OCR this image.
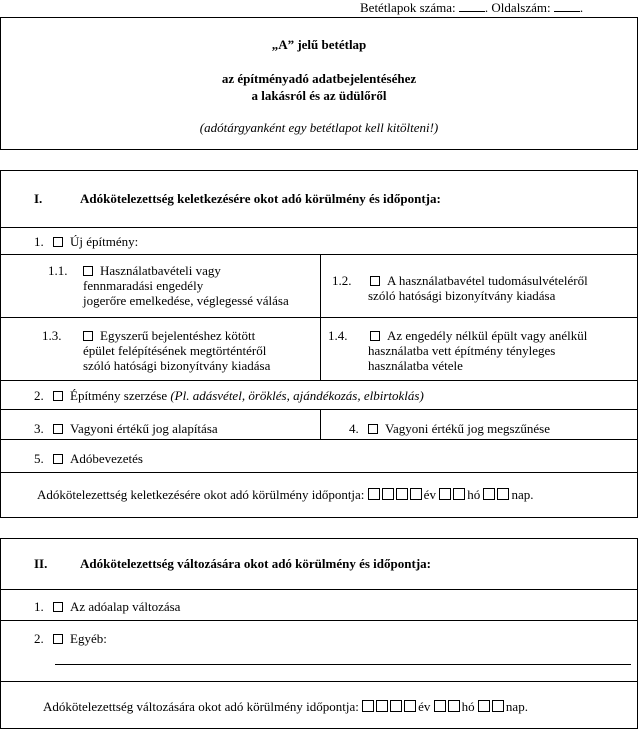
Betétlapok száma: . Oldalszám: .
„A” jelű betétlap
az építményadó adatbejelentéséhez
a lakásról és az üdülőről
(adótárgyanként egy betétlapot kell kitölteni!)
I.	Adókötelezettség keletkezésére okot adó körülmény és időpontja:
1. Új építmény:
1.1.	Használatbavételi vagy
fennmaradási engedély
jogerőre emelkedése, véglegessé válása
1.2.	A használatbavétel tudomásulvételéről
szóló hatósági bizonyítvány kiadása
1.3.	Egyszerű bejelentéshez kötött
épület felépítésének megtörténtéről
szóló hatósági bizonyítvány kiadása
1.4.	Az engedély nélkül épült vagy anélkül
használatba vett építmény tényleges
használatba vétele
2. Építmény szerzése (Pl. adásvétel, öröklés, ajándékozás, elbirtoklás)
3. Vagyoni értékű jog alapítása	4. Vagyoni értékű jog megszűnése
5. Adóbevezetés
Adókötelezettség keletkezésére okot adó körülmény időpontja:	év hó nap.
II.	Adókötelezettség változására okot adó körülmény és időpontja:
1. Az adóalap változása
2. Egyéb:
Adókötelezettség változására okot adó körülmény időpontja:	év hó nap.
